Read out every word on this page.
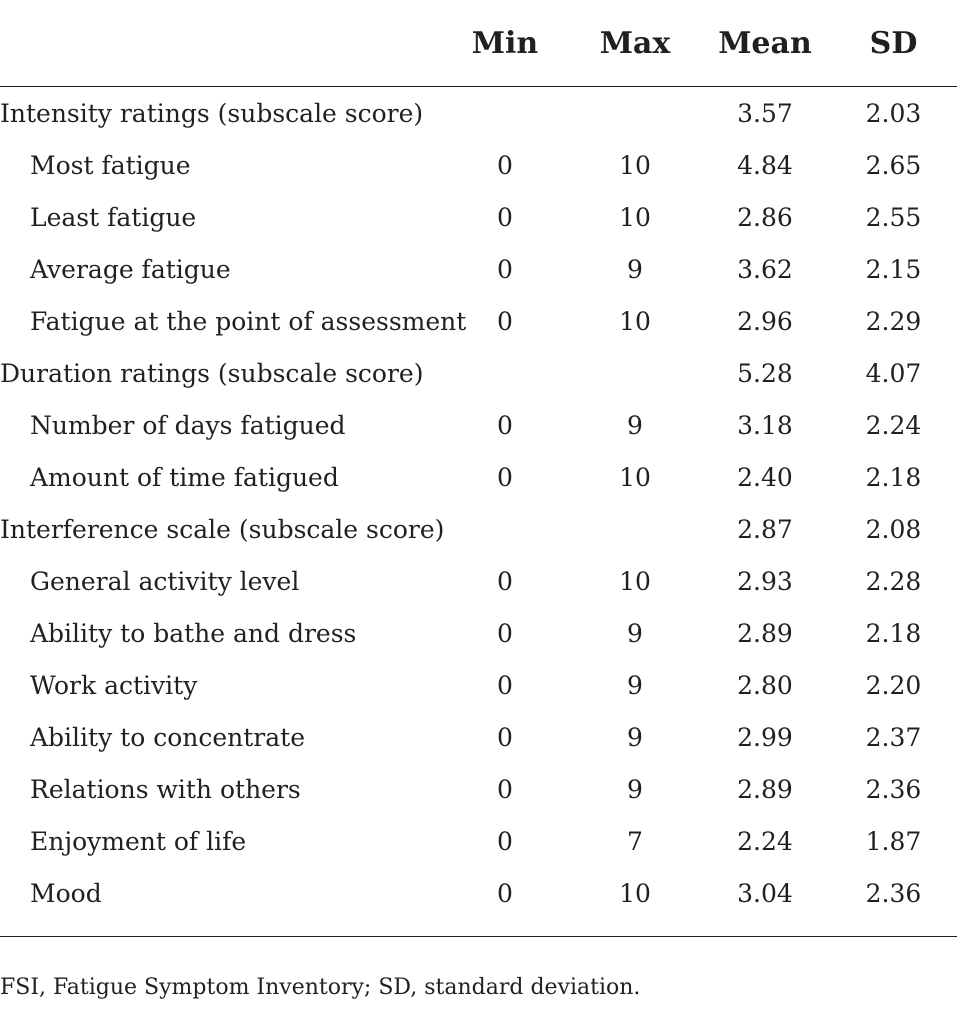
	Min	Max	Mean	SD
Intensity ratings (subscale score)			3.57	2.03
Most fatigue	0	10	4.84	2.65
Least fatigue	0	10	2.86	2.55
Average fatigue	0	9	3.62	2.15
Fatigue at the point of assessment	0	10	2.96	2.29
Duration ratings (subscale score)			5.28	4.07
Number of days fatigued	0	9	3.18	2.24
Amount of time fatigued	0	10	2.40	2.18
Interference scale (subscale score)			2.87	2.08
General activity level	0	10	2.93	2.28
Ability to bathe and dress	0	9	2.89	2.18
Work activity	0	9	2.80	2.20
Ability to concentrate	0	9	2.99	2.37
Relations with others	0	9	2.89	2.36
Enjoyment of life	0	7	2.24	1.87
Mood	0	10	3.04	2.36
FSI, Fatigue Symptom Inventory; SD, standard deviation.
